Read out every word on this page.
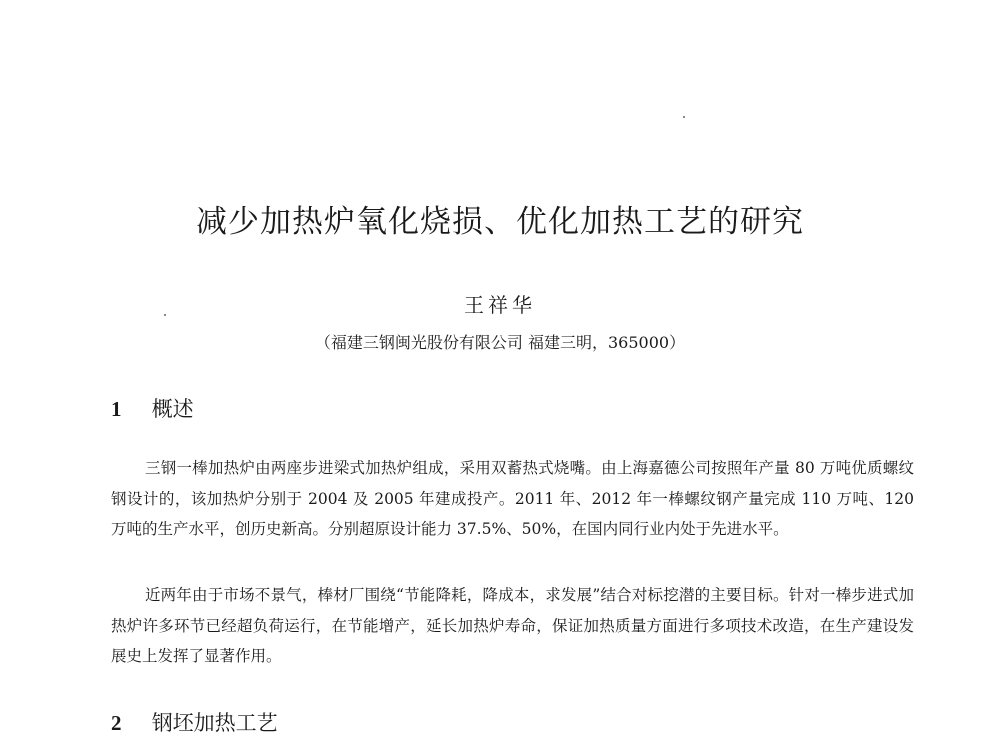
减少加热炉氧化烧损、优化加热工艺的研究
王祥华
（福建三钢闽光股份有限公司 福建三明，365000）
1 概述

三钢一棒加热炉由两座步进梁式加热炉组成，采用双蓄热式烧嘴。由上海嘉德公司按照年产量 80 万吨优质螺纹钢设计的，该加热炉分别于 2004 及 2005 年建成投产。2011 年、2012 年一棒螺纹钢产量完成 110 万吨、120 万吨的生产水平，创历史新高。分别超原设计能力 37.5%、50%，在国内同行业内处于先进水平。

近两年由于市场不景气，棒材厂围绕“节能降耗，降成本，求发展”结合对标挖潜的主要目标。针对一棒步进式加热炉许多环节已经超负荷运行，在节能增产，延长加热炉寿命，保证加热质量方面进行多项技术改造，在生产建设发展史上发挥了显著作用。

2 钢坯加热工艺
